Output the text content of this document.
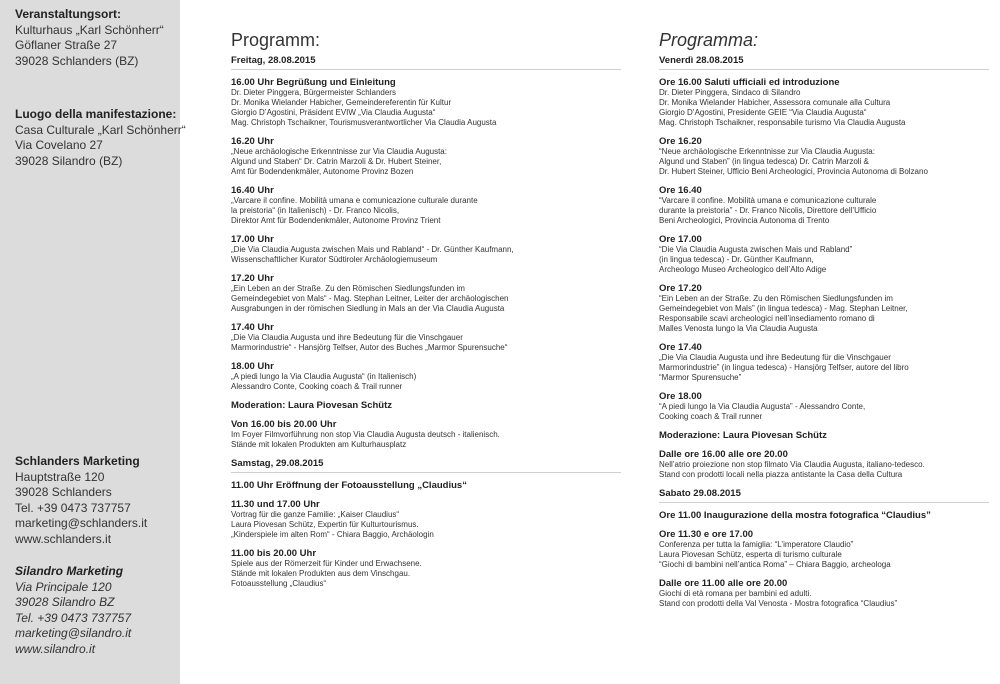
Veranstaltungsort:
Kulturhaus „Karl Schönherr“
Göflaner Straße 27
39028 Schlanders (BZ)
Luogo della manifestazione:
Casa Culturale „Karl Schönherr“
Via Covelano 27
39028 Silandro (BZ)
Schlanders Marketing
Hauptstraße 120
39028 Schlanders
Tel. +39 0473 737757
marketing@schlanders.it
www.schlanders.it
Silandro Marketing
Via Principale 120
39028 Silandro BZ
Tel. +39 0473 737757
marketing@silandro.it
www.silandro.it
Programm:
Freitag, 28.08.2015
16.00 Uhr Begrüßung und Einleitung
Dr. Dieter Pinggera, Bürgermeister Schlanders
Dr. Monika Wielander Habicher, Gemeindereferentin für Kultur
Giorgio D’Agostini, Präsident EVIW „Via Claudia Augusta“
Mag. Christoph Tschaikner, Tourismusverantwortlicher Via Claudia Augusta
16.20 Uhr
„Neue archäologische Erkenntnisse zur Via Claudia Augusta:
Algund und Staben“ Dr. Catrin Marzoli & Dr. Hubert Steiner,
Amt für Bodendenkmäler, Autonome Provinz Bozen
16.40 Uhr
„Varcare il confine. Mobilità umana e comunicazione culturale durante
la preistoria“ (in Italienisch) - Dr. Franco Nicolis,
Direktor Amt für Bodendenkmäler, Autonome Provinz Trient
17.00 Uhr
„Die Via Claudia Augusta zwischen Mais und Rabland“ - Dr. Günther Kaufmann,
Wissenschaftlicher Kurator Südtiroler Archäologiemuseum
17.20 Uhr
„Ein Leben an der Straße. Zu den Römischen Siedlungsfunden im
Gemeindegebiet von Mals“ - Mag. Stephan Leitner, Leiter der archäologischen
Ausgrabungen in der römischen Siedlung in Mals an der Via Claudia Augusta
17.40 Uhr
„Die Via Claudia Augusta und ihre Bedeutung für die Vinschgauer
Marmorindustrie“ - Hansjörg Telfser, Autor des Buches „Marmor Spurensuche“
18.00 Uhr
„A piedi lungo la Via Claudia Augusta“ (in Italienisch)
Alessandro Conte, Cooking coach & Trail runner
Moderation: Laura Piovesan Schütz
Von 16.00 bis 20.00 Uhr
Im Foyer Filmvorführung non stop Via Claudia Augusta deutsch - italienisch.
Stände mit lokalen Produkten am Kulturhausplatz
Samstag, 29.08.2015
11.00 Uhr Eröffnung der Fotoausstellung „Claudius“
11.30 und 17.00 Uhr
Vortrag für die ganze Familie: „Kaiser Claudius“
Laura Piovesan Schütz, Expertin für Kulturtourismus.
„Kinderspiele im alten Rom“ - Chiara Baggio, Archäologin
11.00 bis 20.00 Uhr
Spiele aus der Römerzeit für Kinder und Erwachsene.
Stände mit lokalen Produkten aus dem Vinschgau.
Fotoausstellung „Claudius“
Programma:
Venerdì 28.08.2015
Ore 16.00 Saluti ufficiali ed introduzione
Dr. Dieter Pinggera, Sindaco di Silandro
Dr. Monika Wielander Habicher, Assessora comunale alla Cultura
Giorgio D’Agostini, Presidente GEIE “Via Claudia Augusta“
Mag. Christoph Tschaikner, responsabile turismo Via Claudia Augusta
Ore 16.20
“Neue archäologische Erkenntnisse zur Via Claudia Augusta:
Algund und Staben” (in lingua tedesca) Dr. Catrin Marzoli &
Dr. Hubert Steiner, Ufficio Beni Archeologici, Provincia Autonoma di Bolzano
Ore 16.40
“Varcare il confine. Mobilità umana e comunicazione culturale
durante la preistoria” - Dr. Franco Nicolis, Direttore dell’Ufficio
Beni Archeologici, Provincia Autonoma di Trento
Ore 17.00
“Die Via Claudia Augusta zwischen Mais und Rabland”
(in lingua tedesca) - Dr. Günther Kaufmann,
Archeologo Museo Archeologico dell’Alto Adige
Ore 17.20
“Ein Leben an der Straße. Zu den Römischen Siedlungsfunden im
Gemeindegebiet von Mals” (in lingua tedesca) - Mag. Stephan Leitner,
Responsabile scavi archeologici nell’insediamento romano di
Malles Venosta lungo la Via Claudia Augusta
Ore 17.40
„Die Via Claudia Augusta und ihre Bedeutung für die Vinschgauer
Marmorindustrie” (in lingua tedesca) - Hansjörg Telfser, autore del libro
“Marmor Spurensuche”
Ore 18.00
“A piedi lungo la Via Claudia Augusta” - Alessandro Conte,
Cooking coach & Trail runner
Moderazione: Laura Piovesan Schütz
Dalle ore 16.00 alle ore 20.00
Nell’atrio proiezione non stop filmato Via Claudia Augusta, italiano-tedesco.
Stand con prodotti locali nella piazza antistante la Casa della Cultura
Sabato 29.08.2015
Ore 11.00 Inaugurazione della mostra fotografica “Claudius”
Ore 11.30 e ore 17.00
Conferenza per tutta la famiglia: “L’imperatore Claudio”
Laura Piovesan Schütz, esperta di turismo culturale
“Giochi di bambini nell’antica Roma” – Chiara Baggio, archeologa
Dalle ore 11.00 alle ore 20.00
Giochi di età romana per bambini ed adulti.
Stand con prodotti della Val Venosta - Mostra fotografica “Claudius”
